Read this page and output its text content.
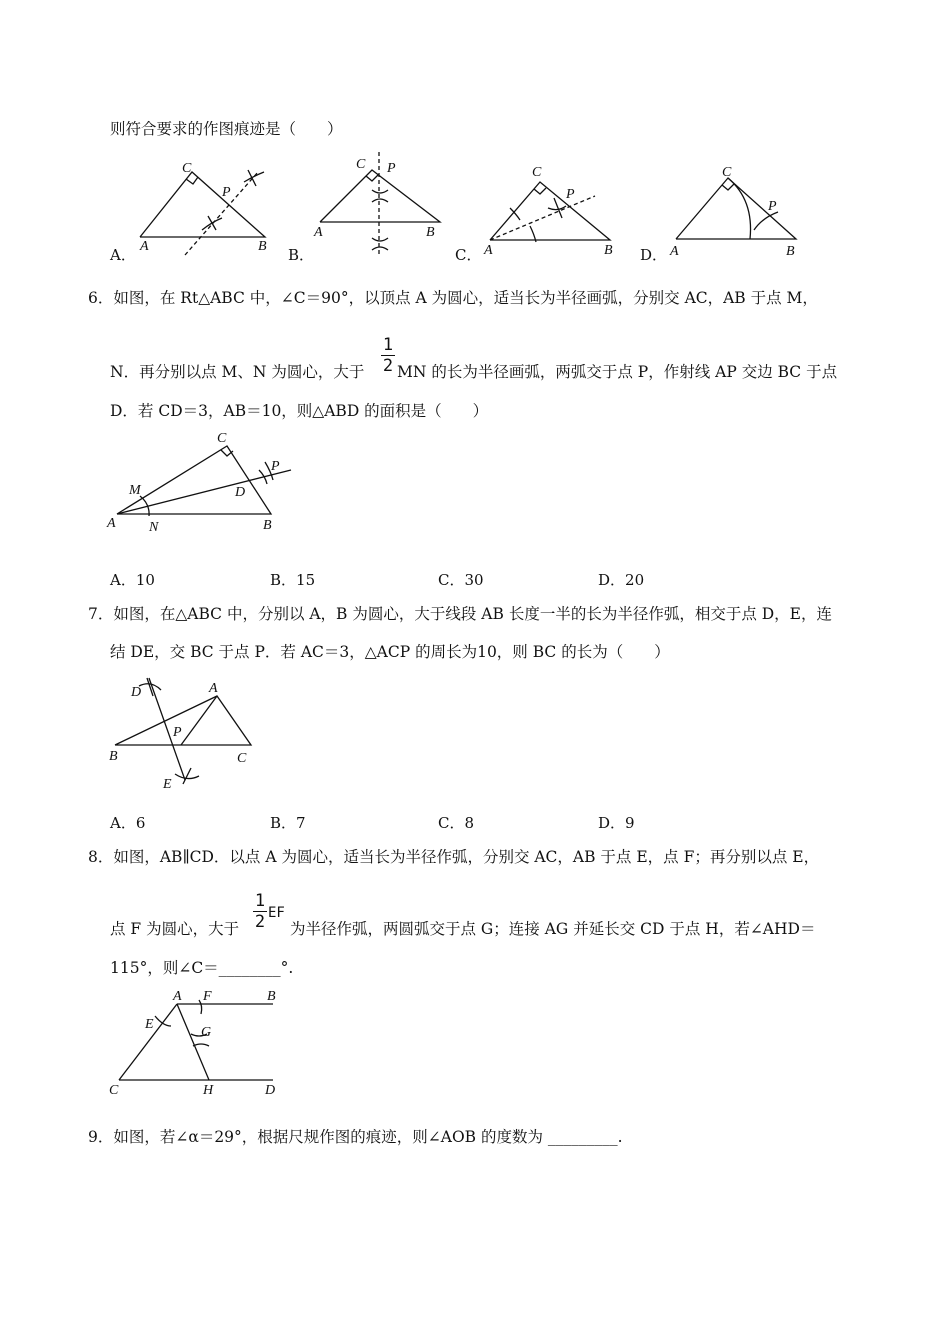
则符合要求的作图痕迹是（　　）
C
P
A	B
A．
C P
A	B
B．
C
P
A	B
C．
C
P
A	B
D．
6．如图，在 Rt△ABC 中，∠C＝90°，以顶点 A 为圆心，适当长为半径画弧，分别交 AC，AB 于点 M，
N．再分别以点 M、N 为圆心，大于
1
2 MN 的长为半径画弧，两弧交于点 P，作射线 AP 交边 BC 于点
D．若 CD＝3，AB＝10，则△ABD 的面积是（　　）
C
P
M	D
A N	B
A．10	B．15	C．30	D．20
7．如图，在△ABC 中，分别以 A，B 为圆心，大于线段 AB 长度一半的长为半径作弧，相交于点 D，E，连
结 DE，交 BC 于点 P．若 AC＝3，△ACP 的周长为10，则 BC 的长为（　　）
D	A
P
B	C
E
A．6	B．7	C．8	D．9
8．如图，AB∥CD．以点 A 为圆心，适当长为半径作弧，分别交 AC，AB 于点 E，点 F；再分别以点 E，
点 F 为圆心，大于
1
2 EF
为半径作弧，两圆弧交于点 G；连接 AG 并延长交 CD 于点 H，若∠AHD＝
115°，则∠C＝________°.
A F	B
E
G
C	H	D
9．如图，若∠α＝29°，根据尺规作图的痕迹，则∠AOB 的度数为 _________.
